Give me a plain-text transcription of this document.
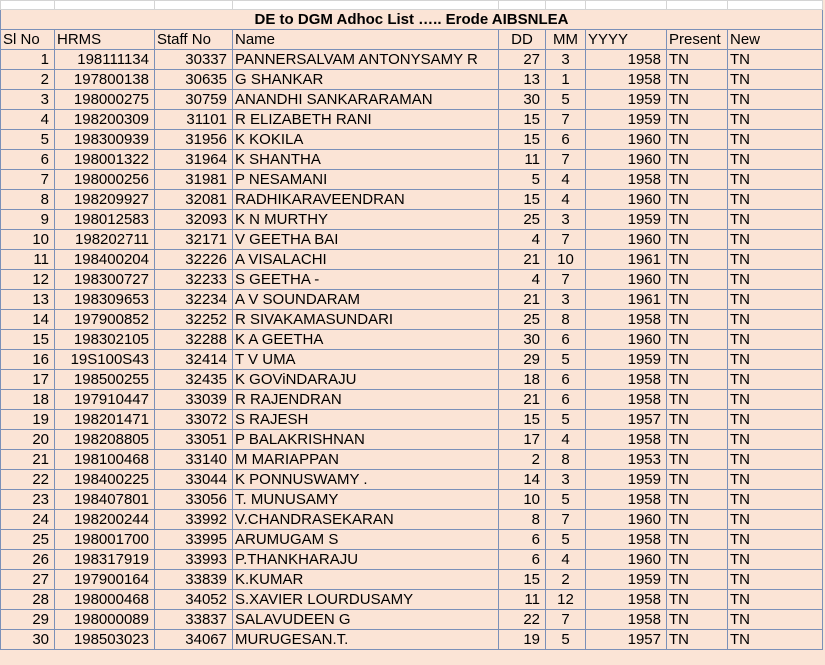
DE to DGM Adhoc List ….. Erode AIBSNLEA								
Sl No	HRMS	Staff No	Name	DD	MM	YYYY	Present	New
1	198111134	30337	PANNERSALVAM ANTONYSAMY R	27	3	1958	TN	TN
2	197800138	30635	G SHANKAR	13	1	1958	TN	TN
3	198000275	30759	ANANDHI SANKARARAMAN	30	5	1959	TN	TN
4	198200309	31101	R ELIZABETH RANI	15	7	1959	TN	TN
5	198300939	31956	K KOKILA	15	6	1960	TN	TN
6	198001322	31964	K SHANTHA	11	7	1960	TN	TN
7	198000256	31981	P NESAMANI	5	4	1958	TN	TN
8	198209927	32081	RADHIKARAVEENDRAN	15	4	1960	TN	TN
9	198012583	32093	K N MURTHY	25	3	1959	TN	TN
10	198202711	32171	V GEETHA BAI	4	7	1960	TN	TN
11	198400204	32226	A VISALACHI	21	10	1961	TN	TN
12	198300727	32233	S GEETHA -	4	7	1960	TN	TN
13	198309653	32234	A V SOUNDARAM	21	3	1961	TN	TN
14	197900852	32252	R SIVAKAMASUNDARI	25	8	1958	TN	TN
15	198302105	32288	K A GEETHA	30	6	1960	TN	TN
16	19S100S43	32414	T V UMA	29	5	1959	TN	TN
17	198500255	32435	K GOViNDARAJU	18	6	1958	TN	TN
18	197910447	33039	R RAJENDRAN	21	6	1958	TN	TN
19	198201471	33072	S RAJESH	15	5	1957	TN	TN
20	198208805	33051	P BALAKRISHNAN	17	4	1958	TN	TN
21	198100468	33140	M MARIAPPAN	2	8	1953	TN	TN
22	198400225	33044	K PONNUSWAMY .	14	3	1959	TN	TN
23	198407801	33056	T. MUNUSAMY	10	5	1958	TN	TN
24	198200244	33992	V.CHANDRASEKARAN	8	7	1960	TN	TN
25	198001700	33995	ARUMUGAM S	6	5	1958	TN	TN
26	198317919	33993	P.THANKHARAJU	6	4	1960	TN	TN
27	197900164	33839	K.KUMAR	15	2	1959	TN	TN
28	198000468	34052	S.XAVIER LOURDUSAMY	11	12	1958	TN	TN
29	198000089	33837	SALAVUDEEN G	22	7	1958	TN	TN
30	198503023	34067	MURUGESAN.T.	19	5	1957	TN	TN
